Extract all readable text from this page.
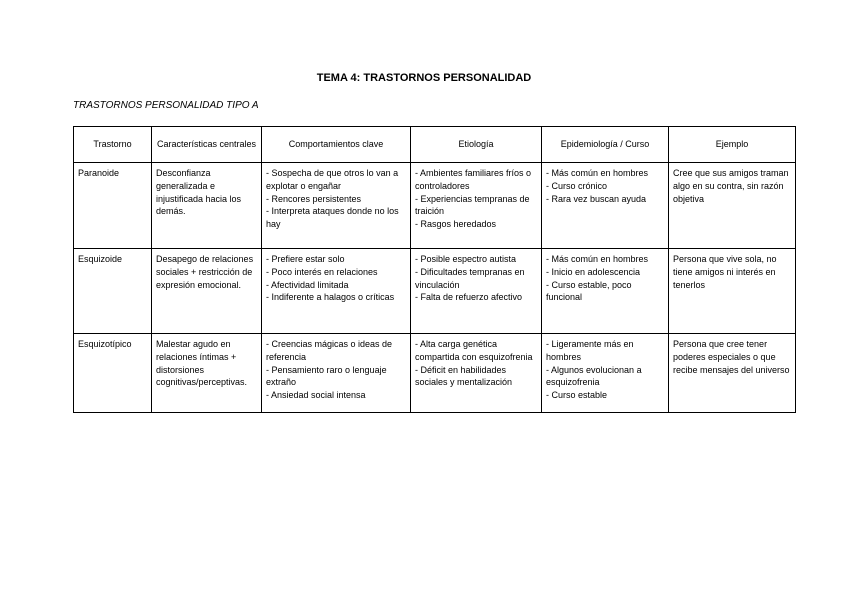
TEMA 4: TRASTORNOS PERSONALIDAD
TRASTORNOS PERSONALIDAD TIPO A
Trastorno	Características centrales	Comportamientos clave	Etiología	Epidemiología / Curso	Ejemplo
Paranoide	Desconfianza generalizada e injustificada hacia los demás.	- Sospecha de que otros lo van a explotar o engañar
- Rencores persistentes
- Interpreta ataques donde no los hay	- Ambientes familiares fríos o controladores
- Experiencias tempranas de traición
- Rasgos heredados	- Más común en hombres
- Curso crónico
- Rara vez buscan ayuda	Cree que sus amigos traman algo en su contra, sin razón objetiva
Esquizoide	Desapego de relaciones sociales + restricción de expresión emocional.	- Prefiere estar solo
- Poco interés en relaciones
- Afectividad limitada
- Indiferente a halagos o críticas	- Posible espectro autista
- Dificultades tempranas en vinculación
- Falta de refuerzo afectivo	- Más común en hombres
- Inicio en adolescencia
- Curso estable, poco funcional	Persona que vive sola, no tiene amigos ni interés en tenerlos
Esquizotípico	Malestar agudo en relaciones íntimas + distorsiones cognitivas/perceptivas.	- Creencias mágicas o ideas de referencia
- Pensamiento raro o lenguaje extraño
- Ansiedad social intensa	- Alta carga genética compartida con esquizofrenia
- Déficit en habilidades sociales y mentalización	- Ligeramente más en hombres
- Algunos evolucionan a esquizofrenia
- Curso estable	Persona que cree tener poderes especiales o que recibe mensajes del universo
